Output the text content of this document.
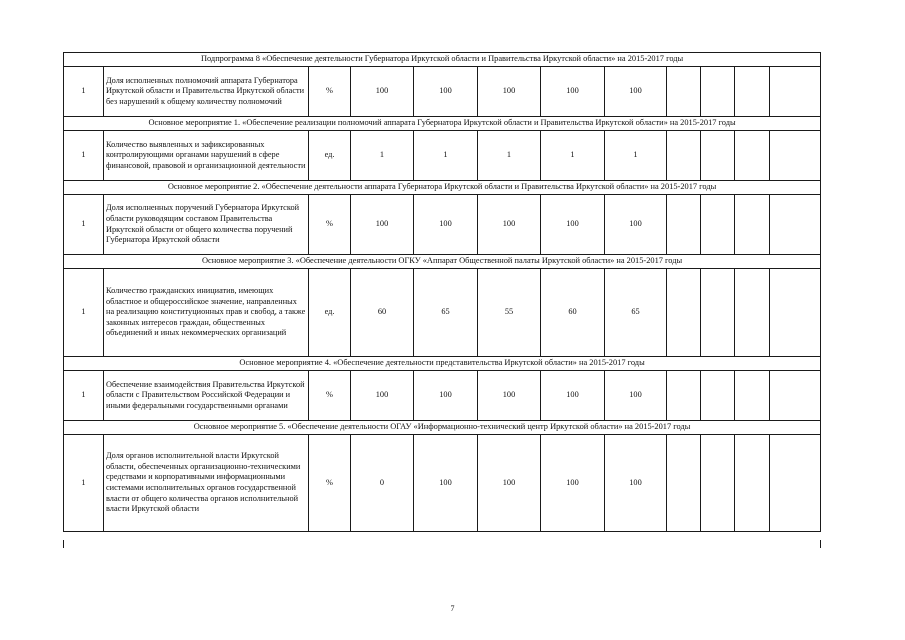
Подпрограмма 8 «Обеспечение деятельности Губернатора Иркутской области и Правительства Иркутской области» на 2015-2017 годы											
1	Доля исполненных полномочий аппарата Губернатора Иркутской области и Правительства Иркутской области без нарушений к общему количеству полномочий	%	100	100	100	100	100				
Основное мероприятие 1. «Обеспечение реализации полномочий аппарата Губернатора Иркутской области и Правительства Иркутской области» на 2015-2017 годы											
1	Количество выявленных и зафиксированных контролирующими органами нарушений в сфере финансовой, правовой и организационной деятельности	ед.	1	1	1	1	1				
Основное мероприятие 2. «Обеспечение деятельности аппарата Губернатора Иркутской области и Правительства Иркутской области» на 2015-2017 годы											
1	Доля исполненных поручений Губернатора Иркутской области руководящим составом Правительства Иркутской области от общего количества поручений Губернатора Иркутской области	%	100	100	100	100	100				
Основное мероприятие 3. «Обеспечение деятельности ОГКУ «Аппарат Общественной палаты Иркутской области» на 2015-2017 годы											
1	Количество гражданских инициатив, имеющих областное и общероссийское значение, направленных на реализацию конституционных прав и свобод, а также законных интересов граждан, общественных объединений и иных некоммерческих организаций	ед.	60	65	55	60	65				
Основное мероприятие 4. «Обеспечение деятельности представительства Иркутской области» на 2015-2017 годы											
1	Обеспечение взаимодействия Правительства Иркутской области с Правительством Российской Федерации и иными федеральными государственными органами	%	100	100	100	100	100				
Основное мероприятие 5. «Обеспечение деятельности ОГАУ «Информационно-технический центр Иркутской области» на 2015-2017 годы											
1	Доля органов исполнительной власти Иркутской области, обеспеченных организационно-техническими средствами и корпоративными информационными системами исполнительных органов государственной власти от общего количества органов исполнительной власти Иркутской области	%	0	100	100	100	100				
7
